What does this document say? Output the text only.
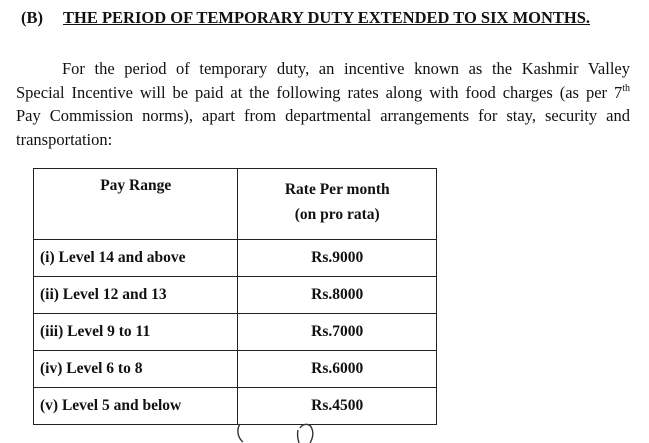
(B) THE PERIOD OF TEMPORARY DUTY EXTENDED TO SIX MONTHS.
For the period of temporary duty, an incentive known as the Kashmir Valley
Special Incentive will be paid at the following rates along with food charges (as per 7th
Pay Commission norms), apart from departmental arrangements for stay, security and
transportation:
Pay Range	Rate Per month
(on pro rata)

(i) Level 14 and above	Rs.9000
(ii) Level 12 and 13	Rs.8000
(iii) Level 9 to 11	Rs.7000
(iv) Level 6 to 8	Rs.6000
(v) Level 5 and below	Rs.4500
